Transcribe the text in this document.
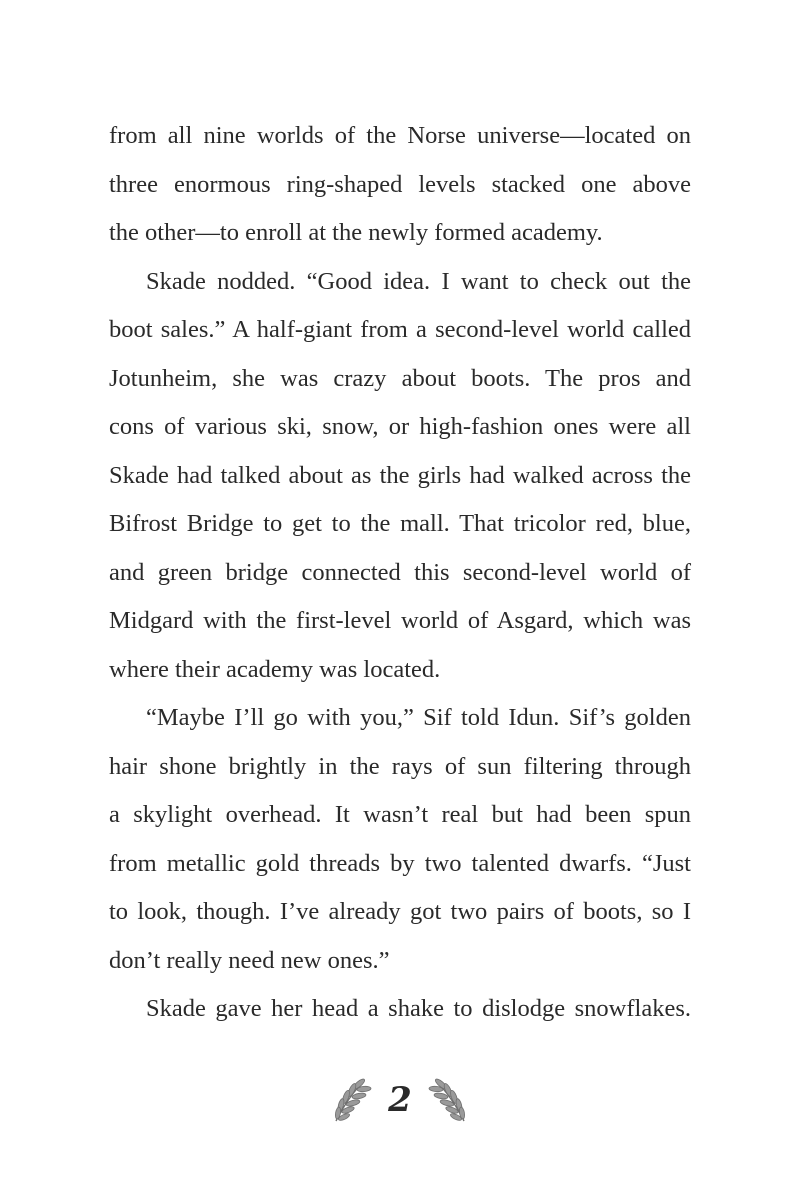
from all nine worlds of the Norse universe—located on
three enormous ring-shaped levels stacked one above
the other—to enroll at the newly formed academy.
Skade nodded. “Good idea. I want to check out the
boot sales.” A half-giant from a second-level world called
Jotunheim, she was crazy about boots. The pros and
cons of various ski, snow, or high-fashion ones were all
Skade had talked about as the girls had walked across the
Bifrost Bridge to get to the mall. That tricolor red, blue,
and green bridge connected this second-level world of
Midgard with the first-level world of Asgard, which was
where their academy was located.
“Maybe I’ll go with you,” Sif told Idun. Sif’s golden
hair shone brightly in the rays of sun filtering through
a skylight overhead. It wasn’t real but had been spun
from metallic gold threads by two talented dwarfs. “Just
to look, though. I’ve already got two pairs of boots, so I
don’t really need new ones.”
Skade gave her head a shake to dislodge snowflakes.
2
